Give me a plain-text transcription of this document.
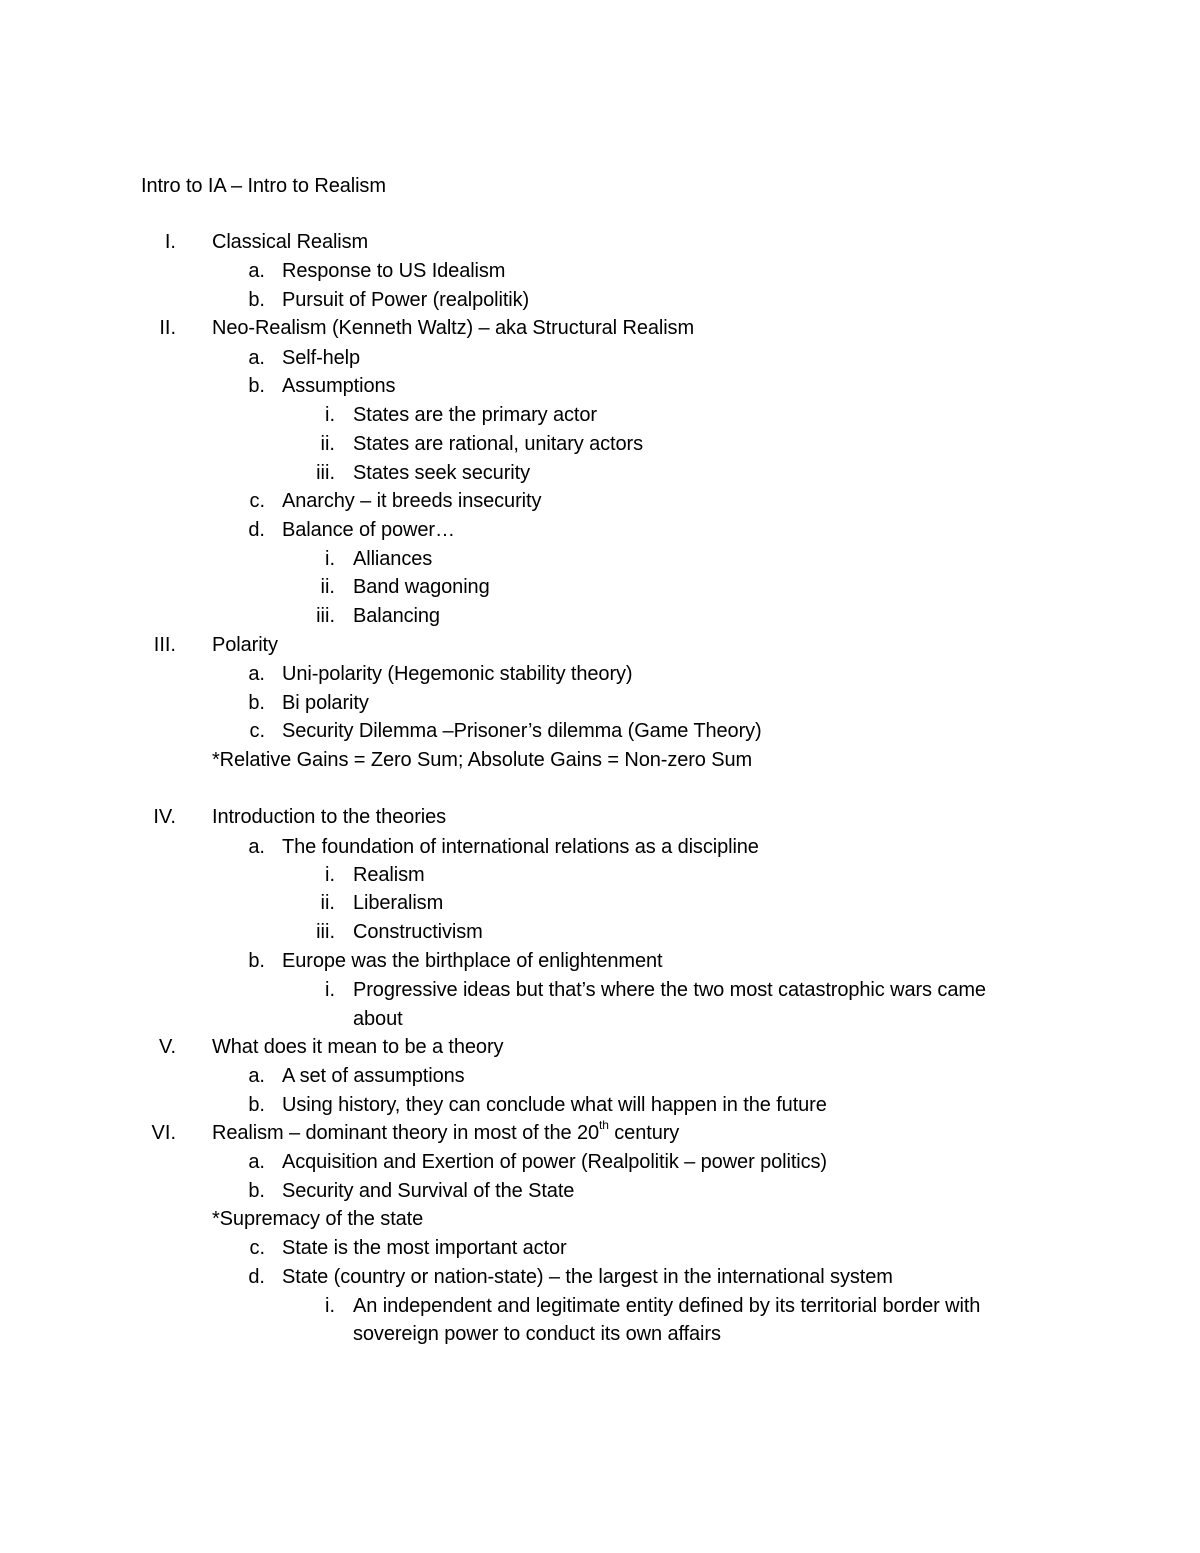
Intro to IA – Intro to Realism
I. Classical Realism
a. Response to US Idealism
b. Pursuit of Power (realpolitik)
II. Neo-Realism (Kenneth Waltz) – aka Structural Realism
a. Self-help
b. Assumptions
i. States are the primary actor
ii. States are rational, unitary actors
iii. States seek security
c. Anarchy – it breeds insecurity
d. Balance of power…
i. Alliances
ii. Band wagoning
iii. Balancing
III. Polarity
a. Uni-polarity (Hegemonic stability theory)
b. Bi polarity
c. Security Dilemma –Prisoner’s dilemma (Game Theory)
*Relative Gains = Zero Sum; Absolute Gains = Non-zero Sum
IV. Introduction to the theories
a. The foundation of international relations as a discipline
i. Realism
ii. Liberalism
iii. Constructivism
b. Europe was the birthplace of enlightenment
i. Progressive ideas but that’s where the two most catastrophic wars came
about
V. What does it mean to be a theory
a. A set of assumptions
b. Using history, they can conclude what will happen in the future
VI. Realism – dominant theory in most of the 20th century
a. Acquisition and Exertion of power (Realpolitik – power politics)
b. Security and Survival of the State
*Supremacy of the state
c. State is the most important actor
d. State (country or nation-state) – the largest in the international system
i. An independent and legitimate entity defined by its territorial border with
sovereign power to conduct its own affairs
